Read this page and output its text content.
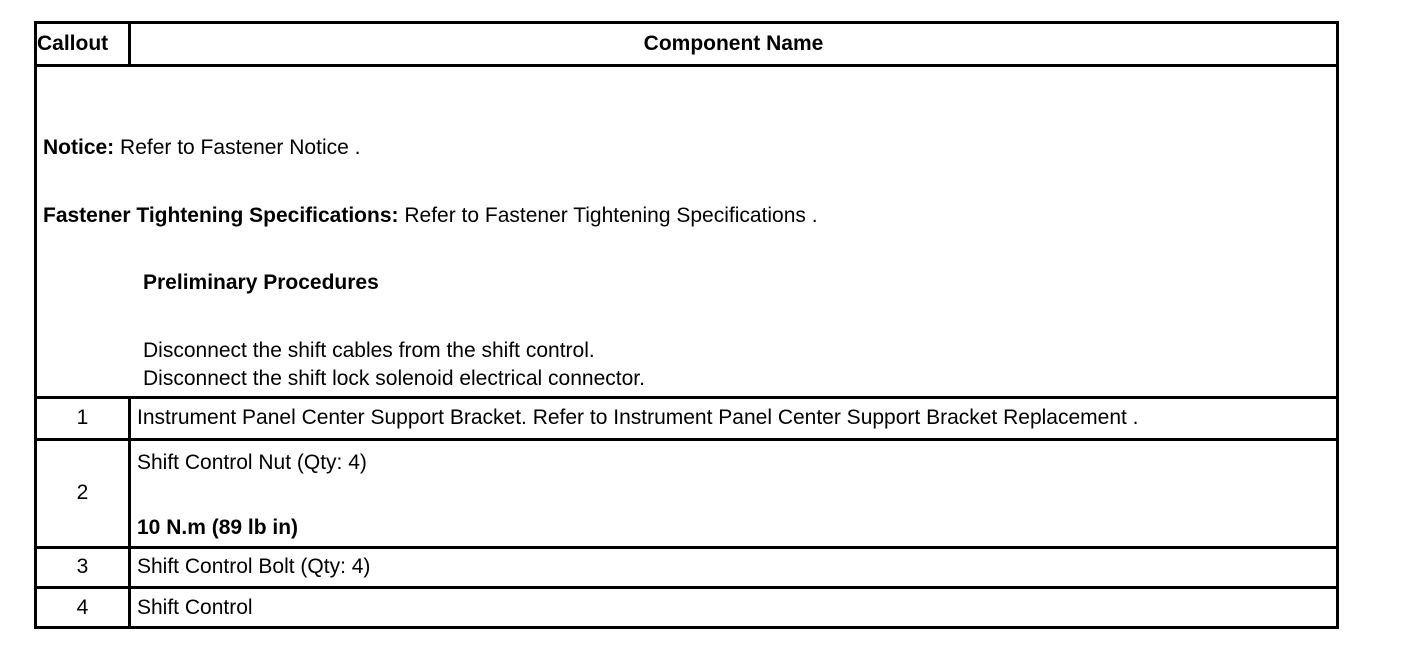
Callout	Component Name

Notice: Refer to Fastener Notice .

Fastener Tightening Specifications: Refer to Fastener Tightening Specifications .

Preliminary Procedures

Disconnect the shift cables from the shift control.

Disconnect the shift lock solenoid electrical connector.	

1	Instrument Panel Center Support Bracket. Refer to Instrument Panel Center Support Bracket Replacement .
2	Shift Control Nut (Qty: 4)
10 N.m (89 lb in)

3	Shift Control Bolt (Qty: 4)
4	Shift Control
